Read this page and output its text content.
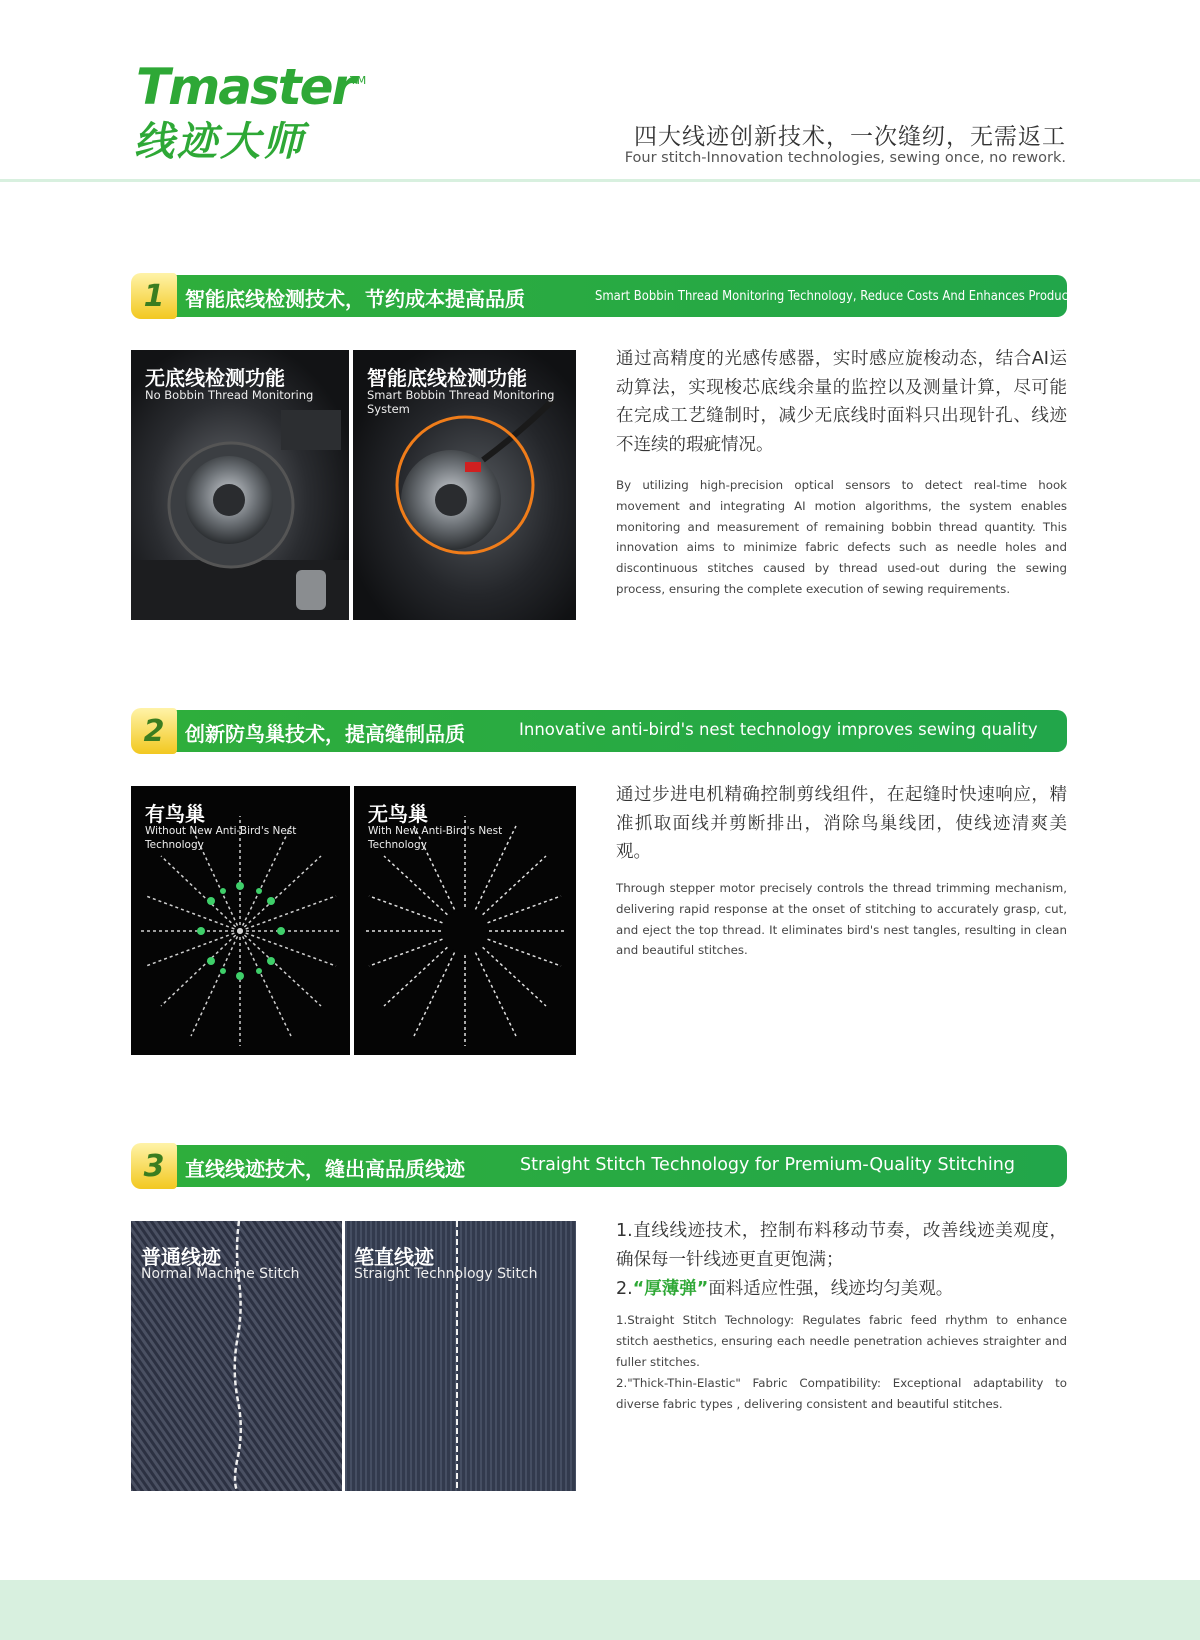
Tmaster
TM
线迹大师	四大线迹创新技术，一次缝纫，无需返工
Four stitch-Innovation technologies, sewing once, no rework.
1	智能底线检测技术，节约成本提高品质	Smart Bobbin Thread Monitoring Technology, Reduce Costs And Enhances Product Quality
无底线检测功能
No Bobbin Thread Monitoring
智能底线检测功能
Smart Bobbin Thread Monitoring System
通过高精度的光感传感器，实时感应旋梭动态，结合AI运动算法，实现梭芯底线余量的监控以及测量计算，尽可能在完成工艺缝制时，减少无底线时面料只出现针孔、线迹不连续的瑕疵情况。
By utilizing high-precision optical sensors to detect real-time hook movement and integrating AI motion algorithms, the system enables monitoring and measurement of remaining bobbin thread quantity. This innovation aims to minimize fabric defects such as needle holes and discontinuous stitches caused by thread used-out during the sewing process, ensuring the complete execution of sewing requirements.
2	创新防鸟巢技术，提高缝制品质	Innovative anti-bird's nest technology improves sewing quality
有鸟巢
Without New Anti-Bird's Nest Technology
无鸟巢
With New Anti-Bird's Nest Technology
通过步进电机精确控制剪线组件，在起缝时快速响应，精准抓取面线并剪断排出，消除鸟巢线团，使线迹清爽美观。
Through stepper motor precisely controls the thread trimming mechanism, delivering rapid response at the onset of stitching to accurately grasp, cut, and eject the top thread. It eliminates bird's nest tangles, resulting in clean and beautiful stitches.
3	直线线迹技术，缝出高品质线迹	Straight Stitch Technology for Premium-Quality Stitching
普通线迹
Normal Machine Stitch
笔直线迹
Straight Technology Stitch
1.直线线迹技术，控制布料移动节奏，改善线迹美观度，确保每一针线迹更直更饱满；
2.“厚薄弹”面料适应性强，线迹均匀美观。
1.Straight Stitch Technology: Regulates fabric feed rhythm to enhance stitch aesthetics, ensuring each needle penetration achieves straighter and fuller stitches.
2."Thick-Thin-Elastic" Fabric Compatibility: Exceptional adaptability to diverse fabric types , delivering consistent and beautiful stitches.
